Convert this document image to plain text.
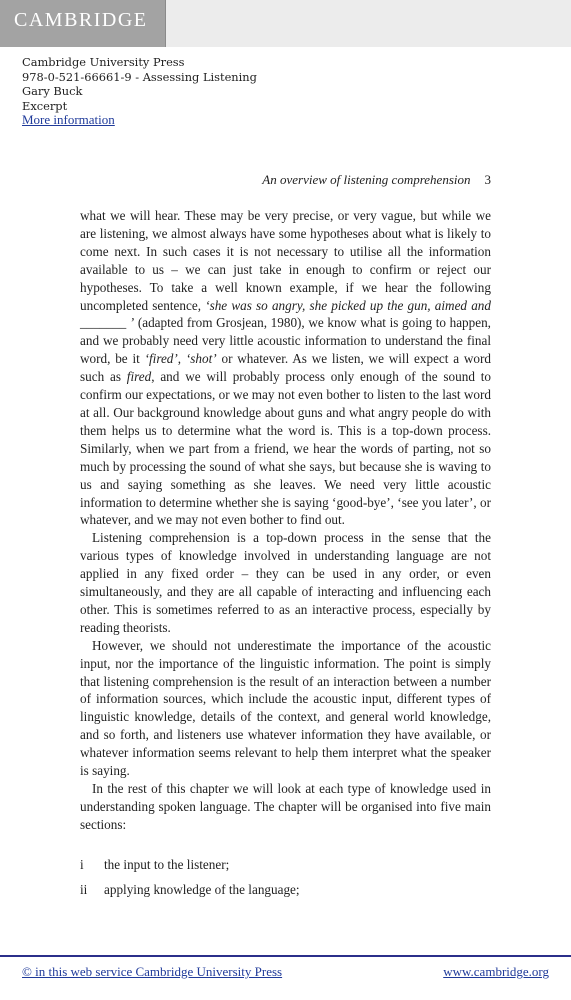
CAMBRIDGE
Cambridge University Press
978-0-521-66661-9 - Assessing Listening
Gary Buck
Excerpt
More information
An overview of listening comprehension 3

what we will hear. These may be very precise, or very vague, but while we are listening, we almost always have some hypotheses about what is likely to come next. In such cases it is not necessary to utilise all the information available to us – we can just take in enough to confirm or reject our hypotheses. To take a well known example, if we hear the following uncompleted sentence, ‘she was so angry, she picked up the gun, aimed and _______ ’ (adapted from Grosjean, 1980), we know what is going to happen, and we probably need very little acoustic information to understand the final word, be it ‘fired’, ‘shot’ or whatever. As we listen, we will expect a word such as fired, and we will probably process only enough of the sound to confirm our expectations, or we may not even bother to listen to the last word at all. Our background knowledge about guns and what angry people do with them helps us to determine what the word is. This is a top-down process. Similarly, when we part from a friend, we hear the words of parting, not so much by processing the sound of what she says, but because she is waving to us and saying something as she leaves. We need very little acoustic information to determine whether she is saying ‘good-bye’, ‘see you later’, or whatever, and we may not even bother to find out.

Listening comprehension is a top-down process in the sense that the various types of knowledge involved in understanding language are not applied in any fixed order – they can be used in any order, or even simultaneously, and they are all capable of interacting and influencing each other. This is sometimes referred to as an interactive process, especially by reading theorists.

However, we should not underestimate the importance of the acoustic input, nor the importance of the linguistic information. The point is simply that listening comprehension is the result of an interaction between a number of information sources, which include the acoustic input, different types of linguistic knowledge, details of the context, and general world knowledge, and so forth, and listeners use whatever information they have available, or whatever information seems relevant to help them interpret what the speaker is saying.

In the rest of this chapter we will look at each type of knowledge used in understanding spoken language. The chapter will be organised into five main sections:

i	the input to the listener;
ii	applying knowledge of the language;
© in this web service Cambridge University Press	www.cambridge.org
